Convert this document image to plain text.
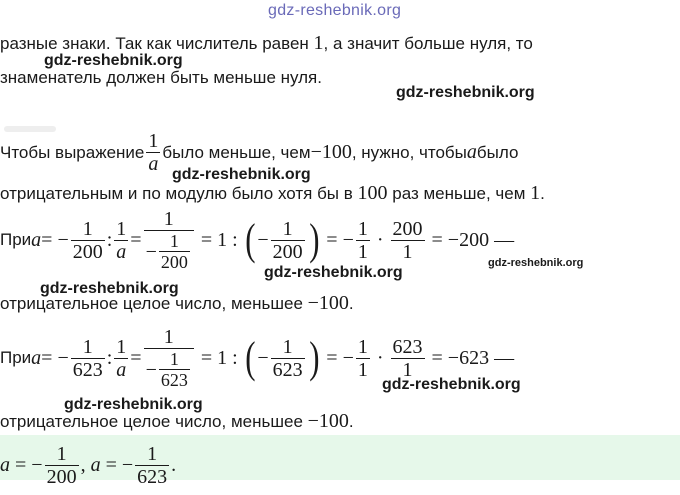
gdz-reshebnik.org
разные знаки. Так как числитель равен 1, а значит больше нуля, то
gdz-reshebnik.org
знаменатель должен быть меньше нуля.
gdz-reshebnik.org
Чтобы выражение $\frac{1}{a}$ было меньше, чем −100 , нужно, чтобы a было
gdz-reshebnik.org
отрицательным и по модулю было хотя бы в 100 раз меньше, чем 1.
При a = − $\frac{1}{200}$ : $\frac{1}{a} = \frac{1}{- \frac{1}{200}} = 1$ : ( − $\frac{1}{200}$ ) = − $\frac{1}{1} \cdot \frac{200}{1} = -200$ —
gdz-reshebnik.org
gdz-reshebnik.org
gdz-reshebnik.org
отрицательное целое число, меньшее −100.
При a = − $\frac{1}{623}$ : $\frac{1}{a} = \frac{1}{- \frac{1}{623}} = 1$ : ( − $\frac{1}{623}$ ) = − $\frac{1}{1} \cdot \frac{623}{1} = -623$ —
gdz-reshebnik.org
gdz-reshebnik.org
отрицательное целое число, меньшее −100.
a = − $\frac{1}{200}$ , a = − $\frac{1}{623}$ .
